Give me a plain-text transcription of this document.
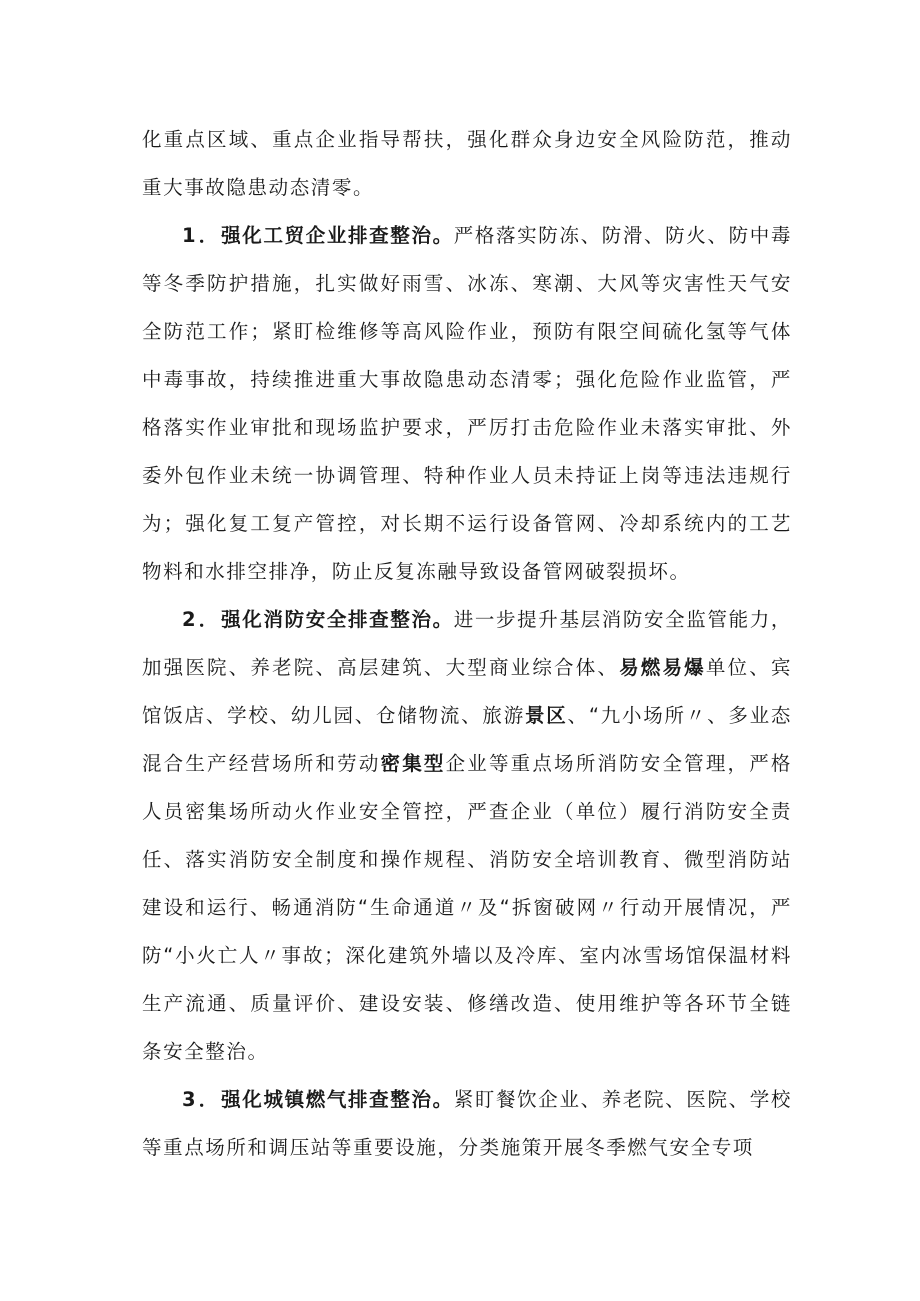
化重点区域、重点企业指导帮扶，强化群众身边安全风险防范，推动重大事故隐患动态清零。

1．强化工贸企业排查整治。严格落实防冻、防滑、防火、防中毒等冬季防护措施，扎实做好雨雪、冰冻、寒潮、大风等灾害性天气安全防范工作；紧盯检维修等高风险作业，预防有限空间硫化氢等气体中毒事故，持续推进重大事故隐患动态清零；强化危险作业监管，严格落实作业审批和现场监护要求，严厉打击危险作业未落实审批、外委外包作业未统一协调管理、特种作业人员未持证上岗等违法违规行为；强化复工复产管控，对长期不运行设备管网、冷却系统内的工艺物料和水排空排净，防止反复冻融导致设备管网破裂损坏。

2．强化消防安全排查整治。进一步提升基层消防安全监管能力，加强医院、养老院、高层建筑、大型商业综合体、易燃易爆单位、宾馆饭店、学校、幼儿园、仓储物流、旅游景区、“九小场所〃、多业态混合生产经营场所和劳动密集型企业等重点场所消防安全管理，严格人员密集场所动火作业安全管控，严查企业（单位）履行消防安全责任、落实消防安全制度和操作规程、消防安全培训教育、微型消防站建设和运行、畅通消防“生命通道〃及“拆窗破网〃行动开展情况，严防“小火亡人〃事故；深化建筑外墙以及冷库、室内冰雪场馆保温材料生产流通、质量评价、建设安装、修缮改造、使用维护等各环节全链条安全整治。

3．强化城镇燃气排查整治。紧盯餐饮企业、养老院、医院、学校等重点场所和调压站等重要设施，分类施策开展冬季燃气安全专项
